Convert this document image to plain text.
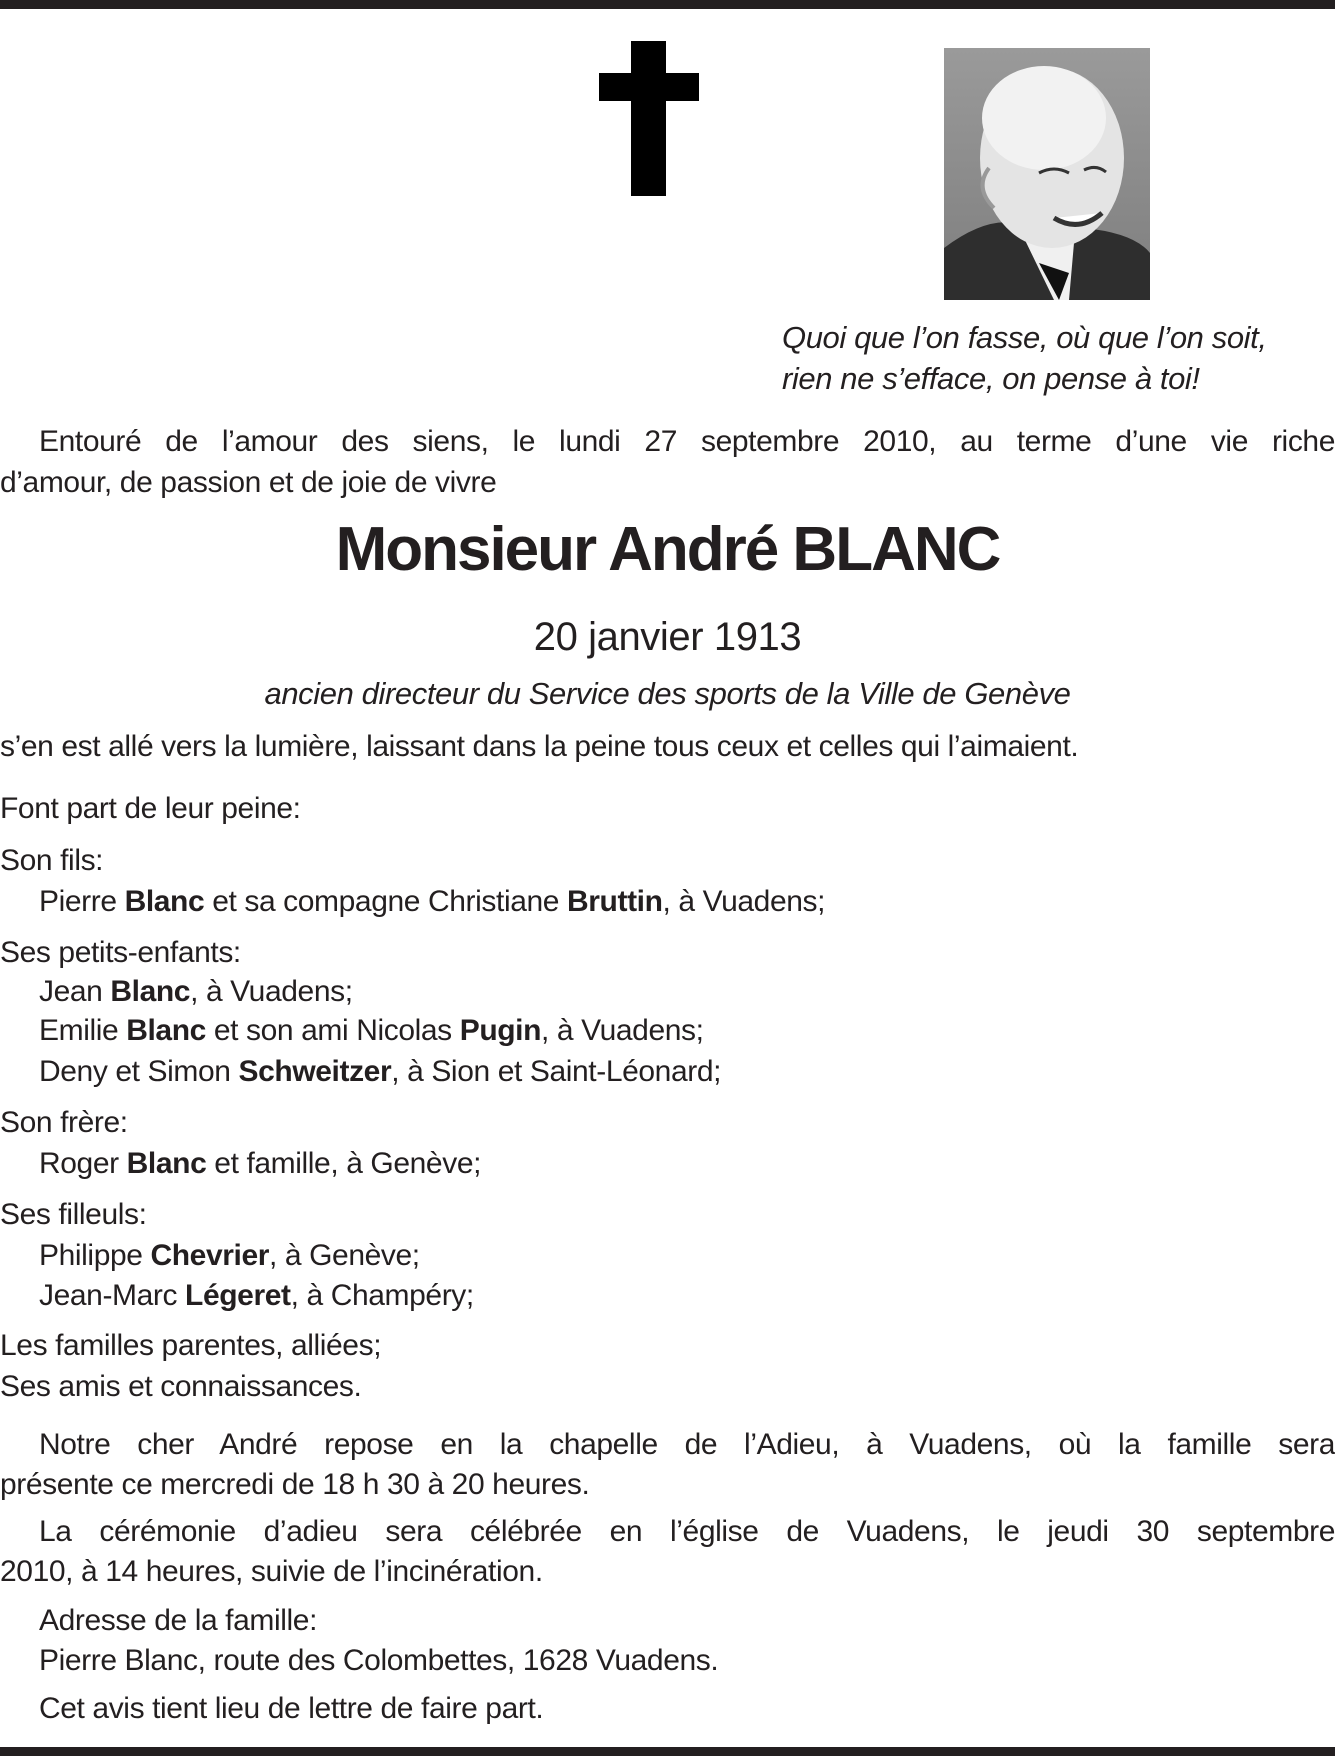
Quoi que l’on fasse, où que l’on soit,
rien ne s’efface, on pense à toi!
Entouré de l’amour des siens, le lundi 27 septembre 2010, au terme d’une vie riche
d’amour, de passion et de joie de vivre
Monsieur André BLANC
20 janvier 1913
ancien directeur du Service des sports de la Ville de Genève
s’en est allé vers la lumière, laissant dans la peine tous ceux et celles qui l’aimaient.
Font part de leur peine:
Son fils:
Pierre Blanc et sa compagne Christiane Bruttin, à Vuadens;
Ses petits-enfants:
Jean Blanc, à Vuadens;
Emilie Blanc et son ami Nicolas Pugin, à Vuadens;
Deny et Simon Schweitzer, à Sion et Saint-Léonard;
Son frère:
Roger Blanc et famille, à Genève;
Ses filleuls:
Philippe Chevrier, à Genève;
Jean-Marc Légeret, à Champéry;
Les familles parentes, alliées;
Ses amis et connaissances.
Notre cher André repose en la chapelle de l’Adieu, à Vuadens, où la famille sera
présente ce mercredi de 18 h 30 à 20 heures.
La cérémonie d’adieu sera célébrée en l’église de Vuadens, le jeudi 30 septembre
2010, à 14 heures, suivie de l’incinération.
Adresse de la famille:
Pierre Blanc, route des Colombettes, 1628 Vuadens.
Cet avis tient lieu de lettre de faire part.
